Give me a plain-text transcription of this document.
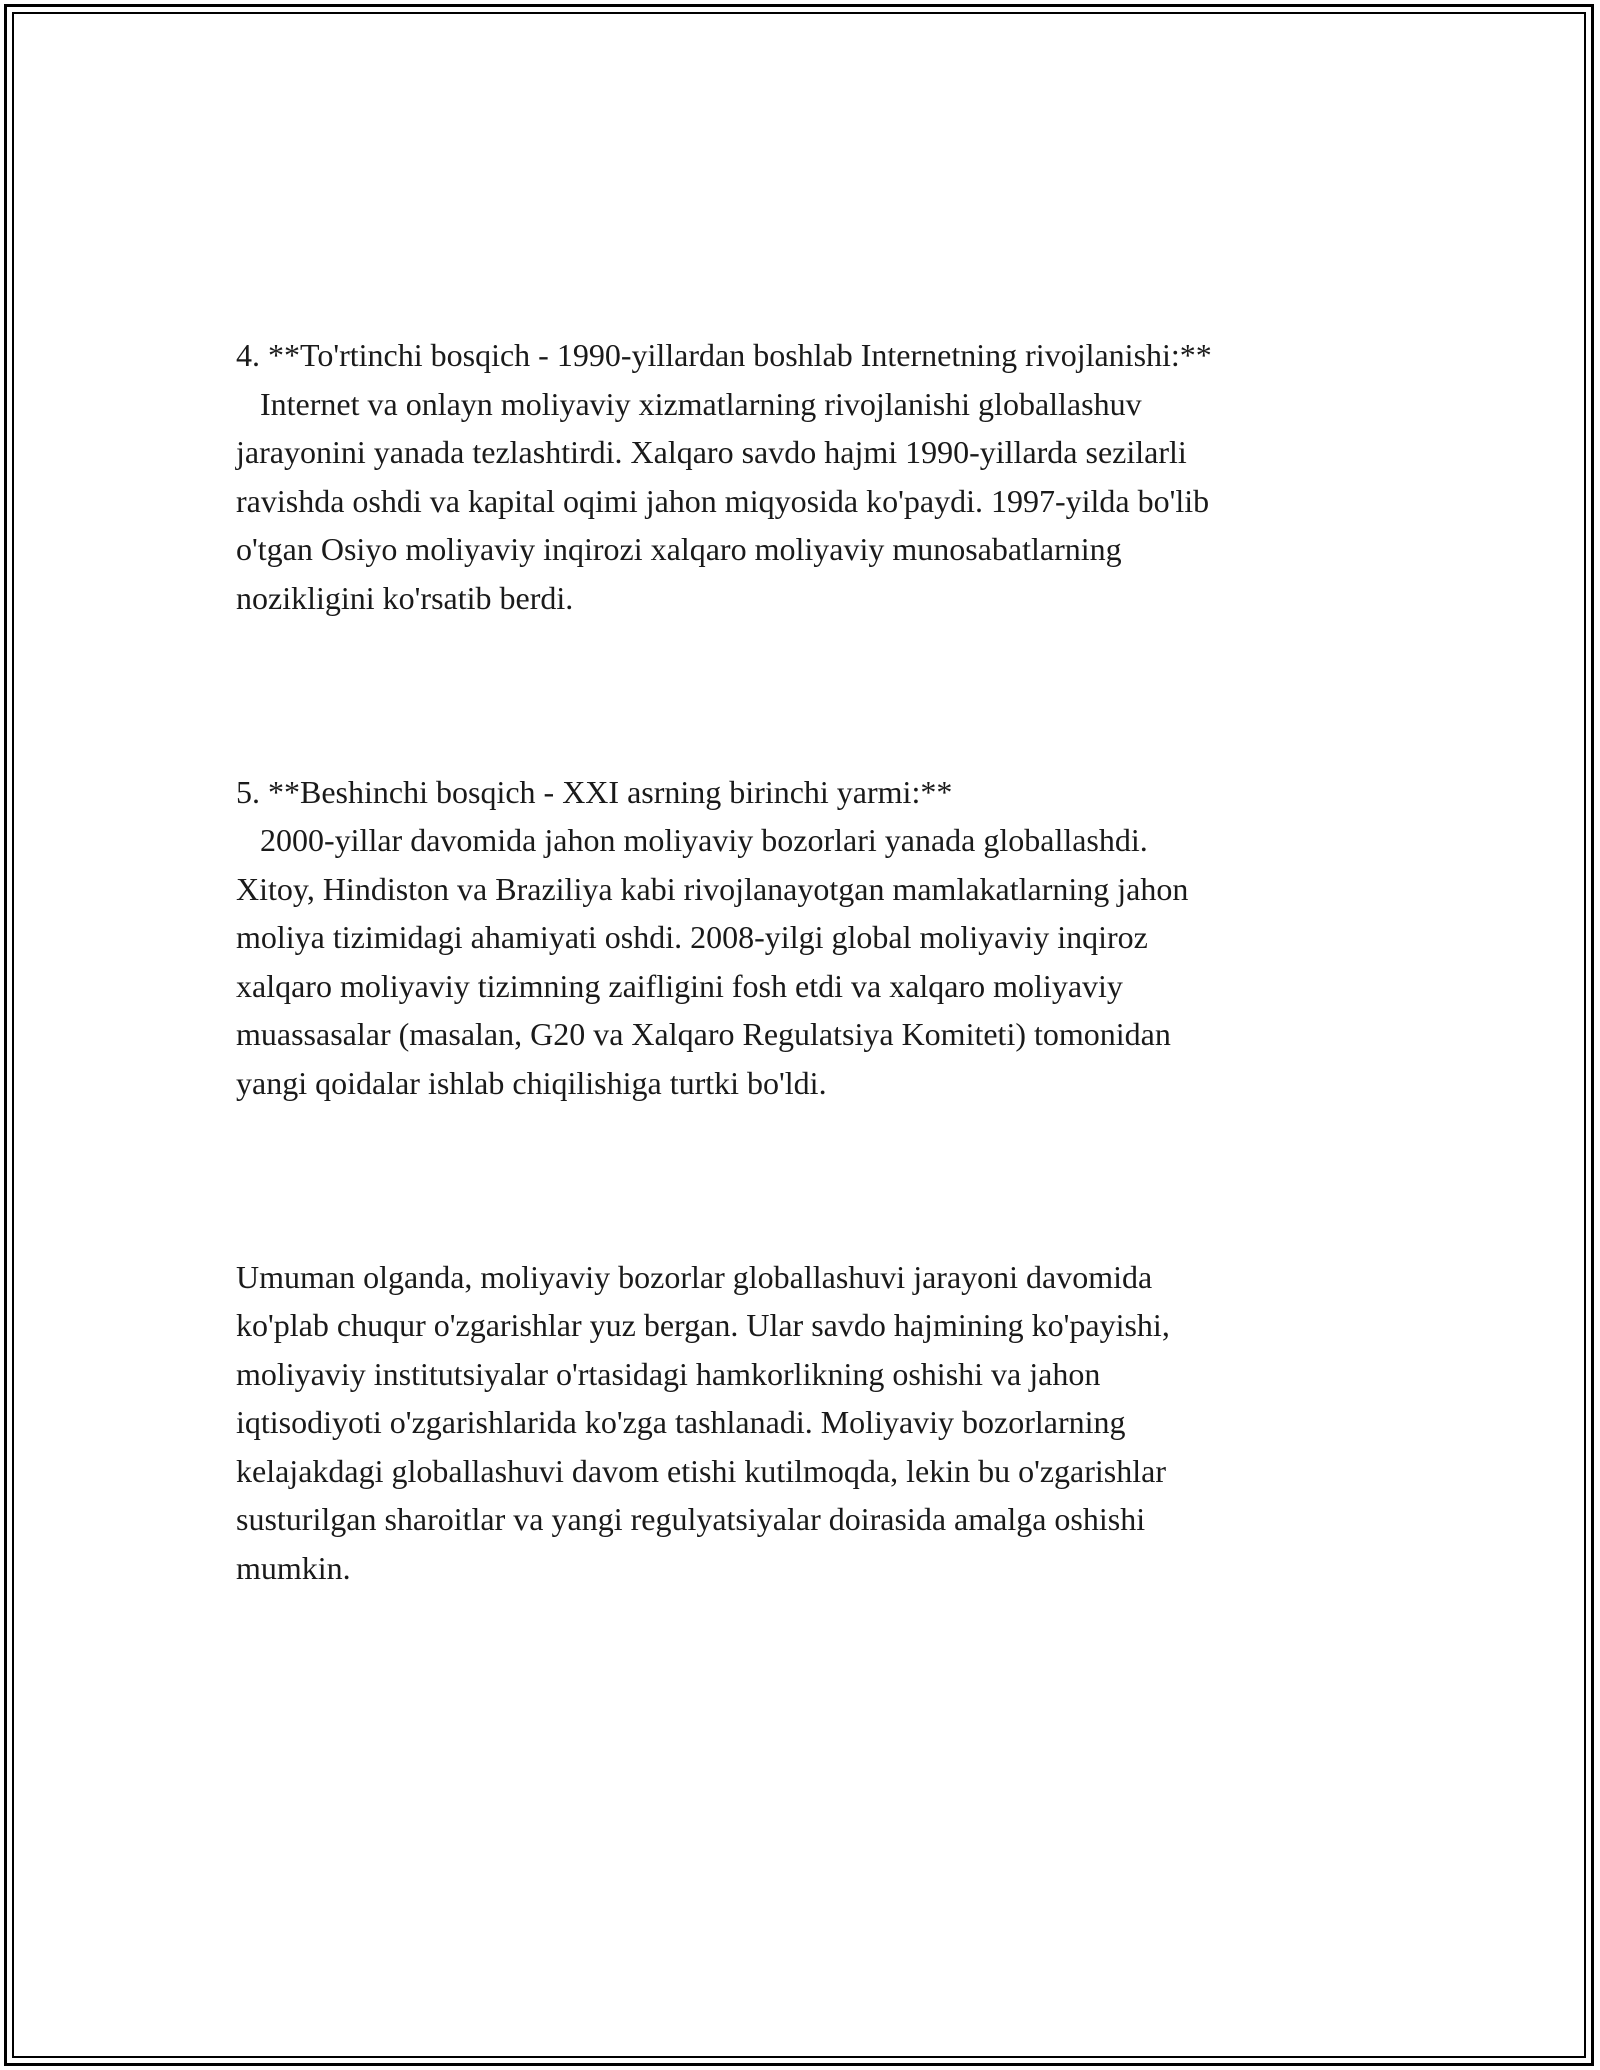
4. **To'rtinchi bosqich - 1990-yillardan boshlab Internetning rivojlanishi:**
Internet va onlayn moliyaviy xizmatlarning rivojlanishi globallashuv
jarayonini yanada tezlashtirdi. Xalqaro savdo hajmi 1990-yillarda sezilarli
ravishda oshdi va kapital oqimi jahon miqyosida ko'paydi. 1997-yilda bo'lib
o'tgan Osiyo moliyaviy inqirozi xalqaro moliyaviy munosabatlarning
nozikligini ko'rsatib berdi.

5. **Beshinchi bosqich - XXI asrning birinchi yarmi:**
2000-yillar davomida jahon moliyaviy bozorlari yanada globallashdi.
Xitoy, Hindiston va Braziliya kabi rivojlanayotgan mamlakatlarning jahon
moliya tizimidagi ahamiyati oshdi. 2008-yilgi global moliyaviy inqiroz
xalqaro moliyaviy tizimning zaifligini fosh etdi va xalqaro moliyaviy
muassasalar (masalan, G20 va Xalqaro Regulatsiya Komiteti) tomonidan
yangi qoidalar ishlab chiqilishiga turtki bo'ldi.

Umuman olganda, moliyaviy bozorlar globallashuvi jarayoni davomida
ko'plab chuqur o'zgarishlar yuz bergan. Ular savdo hajmining ko'payishi,
moliyaviy institutsiyalar o'rtasidagi hamkorlikning oshishi va jahon
iqtisodiyoti o'zgarishlarida ko'zga tashlanadi. Moliyaviy bozorlarning
kelajakdagi globallashuvi davom etishi kutilmoqda, lekin bu o'zgarishlar
susturilgan sharoitlar va yangi regulyatsiyalar doirasida amalga oshishi
mumkin.
